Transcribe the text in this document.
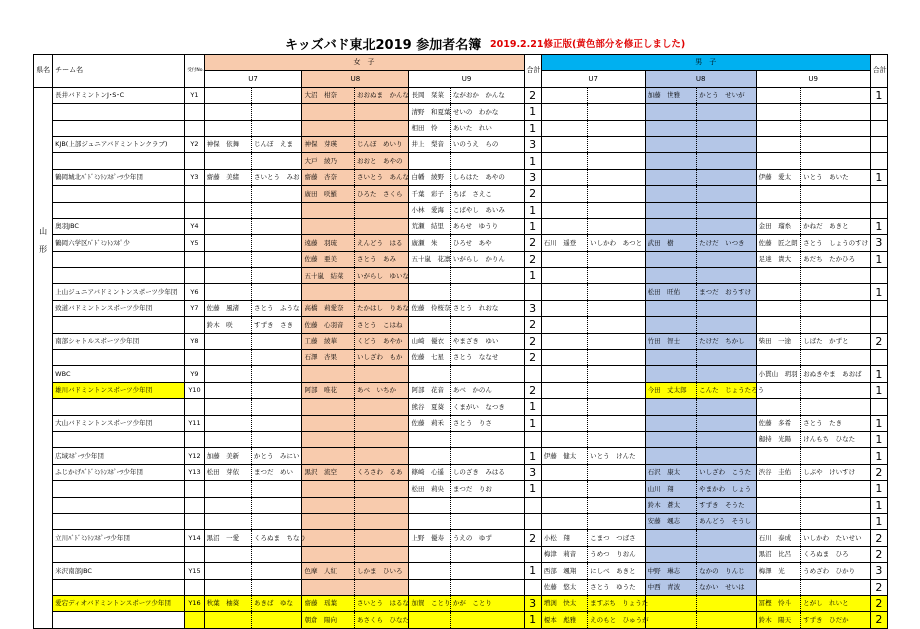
キッズバド東北2019 参加者名簿 2019.2.21修正版(黄色部分を修正しました)
県名	チーム名	受付No.	女　子						合計	男　子						合計
			U7		U8		U9			U7		U8		U9		

山
形	長井バドミントンJ･S･C	Y1			大沼　柑奈	おおぬま　かんな	長岡　栞菜	ながおか　かんな	2			加藤　世雅	かとう　せいが			1
							清野　和夏葉	せいの　わかな	1							
							相田　怜	あいた　れい	1							
	KJB(上部ジュニアバドミントンクラブ)	Y2	神保　依舞	じんぼ　えま	神保　芽瑛	じんぼ　めいり	井上　梨音	いのうえ　らの	3							
					大戸　綾乃	おおと　あやの			1							
	鶴岡城北ﾊﾞﾄﾞﾐﾝﾄﾝｽﾎﾟｰﾂ少年団	Y3	齋藤　美緒	さいとう　みお	齋藤　杏奈	さいとう　あんな	白幡　綾野	しらはた　あやの	3					伊藤　愛太	いとう　あいた	1
					廣田　咲羅	ひろた　さくら	千葉　彩子	ちば　さえこ	2							
							小林　愛海	こばやし　あいみ	1							
	奥羽JBC	Y4					荒瀬　結里	あらせ　ゆうり	1					金田　瑠糸	かねだ　あきと	1
	鶴岡六学区ﾊﾞﾄﾞﾐﾝﾄﾝｽﾎﾟ少	Y5			遠藤　羽琉	えんどう　はる	廣瀬　朱	ひろせ　あや	2	石川　遥登	いしかわ　あつと	武田　樹	たけだ　いつき	佐藤　匠之朗	さとう　しょうのすけ	3
					佐藤　亜美	さとう　あみ	五十嵐　花凛	いがらし　かりん	2					足達　貴大	あだち　たかひろ	1
					五十嵐　結菜	いがらし　ゆいな			1							
	上山ジュニアバドミントンスポーツ少年団	Y6										松田　旺佑	まつだ　おうすけ			1
	致道バドミントンスポーツ少年団	Y7	佐藤　風渚	さとう　ふうな	高橋　莉愛奈	たかはし　りあな	佐藤　伶桜奈	さとう　れおな	3							
			鈴木　咲	すずき　さき	佐藤　心羽音	さとう　こはね			2							
	南部シャトルスポーツ少年団	Y8			工藤　綾華	くどう　あやか	山崎　優衣	やまざき　ゆい	2			竹田　智士	たけだ　ちかし	柴田　一途	しばた　かずと	2
					石澤　杏果	いしざわ　もか	佐藤　七星	さとう　ななせ	2							
	WBC	Y9												小貫山　玥羽	おぬきやま　あおば	1
	雄川バドミントンスポーツ少年団	Y10			阿部　唯花	あべ　いちか	阿部　花音	あべ　かのん	2			今田　丈太郎	こんた　じょうたろう			1
							熊谷　夏葵	くまがい　なつき	1							
	大山バドミントンスポーツ少年団	Y11					佐藤　莉禾	さとう　りさ	1					佐藤　多希	さとう　たき	1
														劔持　光陽	けんもち　ひなた	1
	広域ｽﾎﾟｰﾂ少年団	Y12	加藤　美新	かとう　みにい					1	伊藤　健太	いとう　けんた					1
	ふじかげﾊﾞﾄﾞﾐﾝﾄﾝｽﾎﾟｰﾂ少年団	Y13	松田　芽依	まつだ　めい	黒沢　流空	くろさわ　るあ	篠崎　心遥	しのざき　みはる	3			石沢　康太	いしざわ　こうた	渋谷　圭佑	しぶや　けいすけ	2
							松田　莉央	まつだ　りお	1			山川　翔	やまかわ　しょう			1
												鈴木　蒼太	すずき　そうた			1
												安藤　颯志	あんどう　そうし			1
	立川ﾊﾞﾄﾞﾐﾝﾄﾝｽﾎﾟｰﾂ少年団	Y14	黒沼　一愛	くろぬま　ちなり			上野　優寿	うえの　ゆず	2	小松　翔	こまつ　つばさ			石川　泰成	いしかわ　たいせい	2
										梅津　莉音	うめつ　りおん			黒沼　比呂	くろぬま　ひろ	2
	米沢南部JBC	Y15			色摩　人紅	しかま　ひいろ			1	西部　颯翔	にしべ　あきと	中野　琳志	なかの　りんじ	梅澤　光	うめざわ　ひかり	3
										佐藤　悠太	さとう　ゆうた	中西　青波	なかい　せいは			2
	愛宕ディオバドミントンスポーツ少年団	Y16	秋葉　柚葵	あきば　ゆな	齋藤　瑶葉	さいとう　はるな	加賀　ことり	かが　ことり	3	増渕　快太	ますぶち　りょうた			冨樫　怜斗	とがし　れいと	2
					朝倉　陽向	あさくら　ひなた			1	榎本　彪雅	えのもと　ひゅうが			鈴木　陽天	すずき　ひだか	2
